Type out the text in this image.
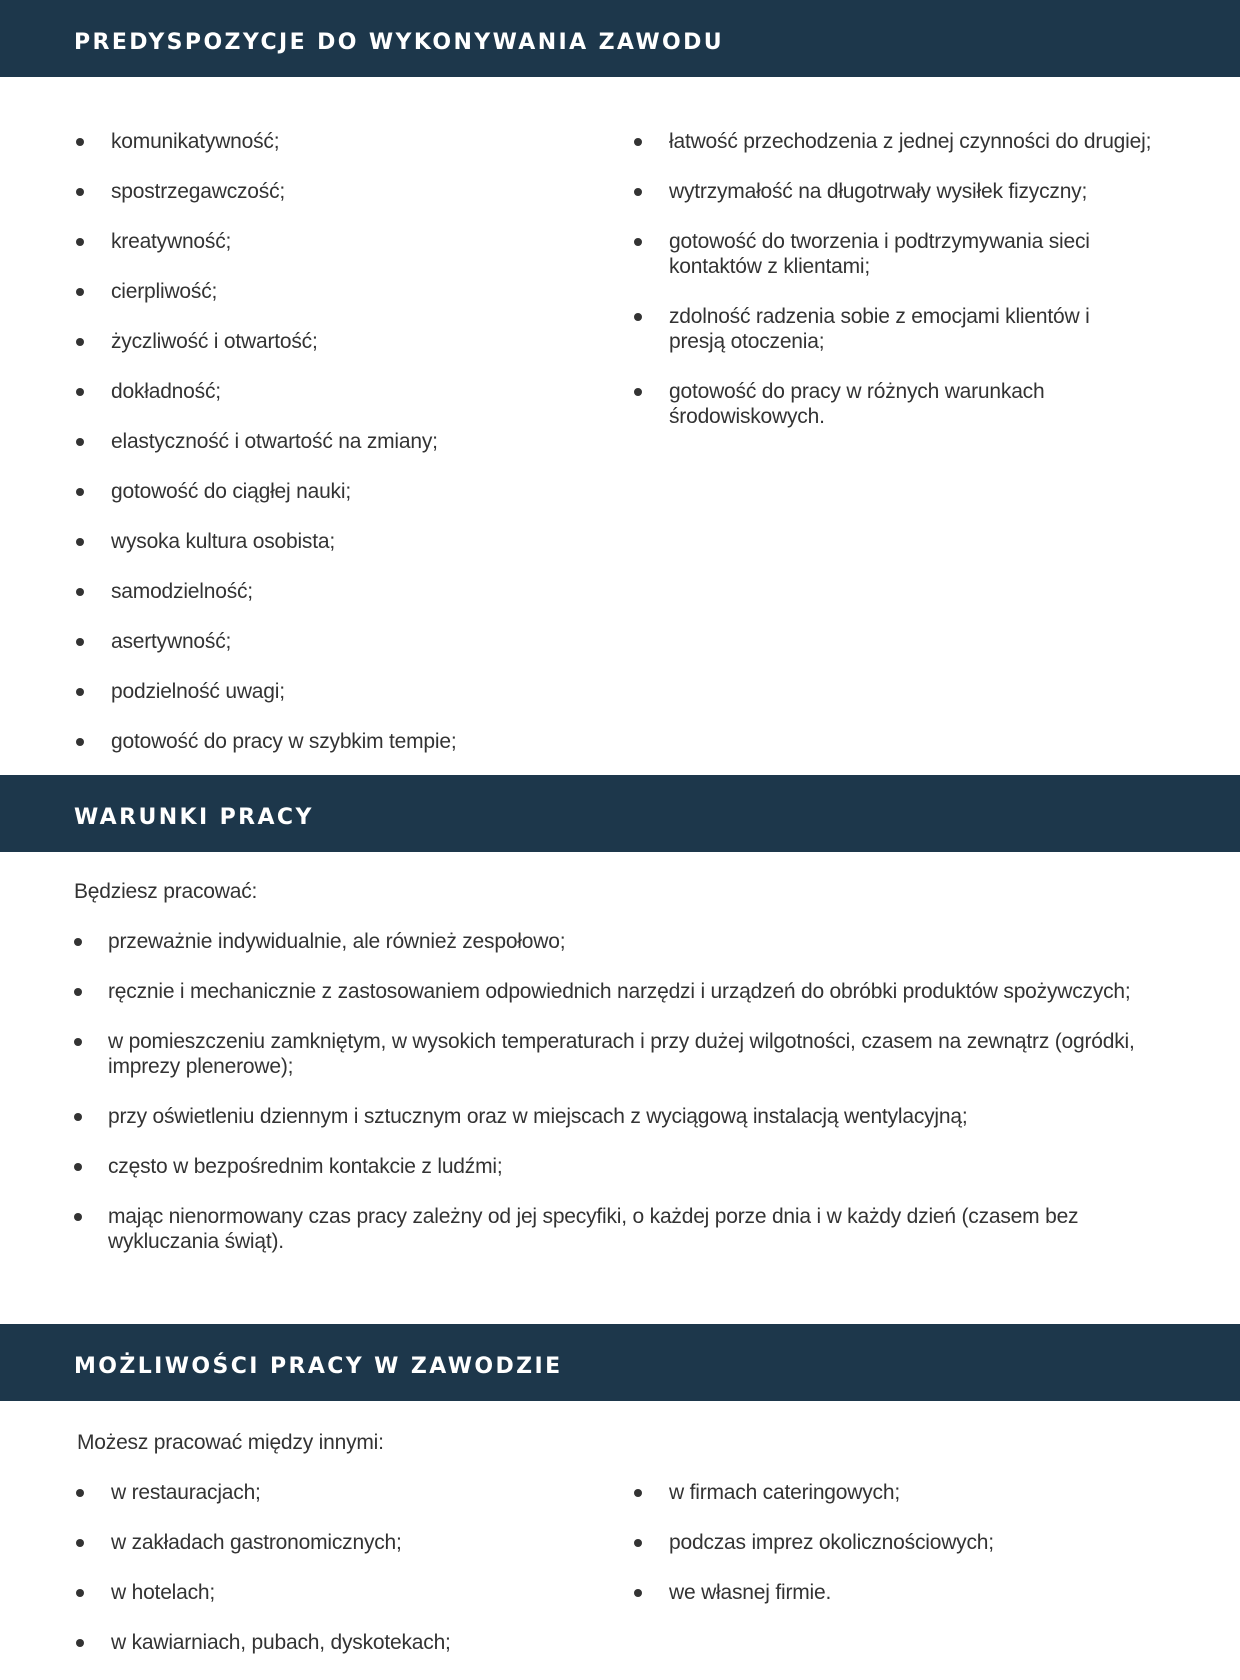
PREDYSPOZYCJE DO WYKONYWANIA ZAWODU
komunikatywność;
spostrzegawczość;
kreatywność;
cierpliwość;
życzliwość i otwartość;
dokładność;
elastyczność i otwartość na zmiany;
gotowość do ciągłej nauki;
wysoka kultura osobista;
samodzielność;
asertywność;
podzielność uwagi;
gotowość do pracy w szybkim tempie;
łatwość przechodzenia z jednej czynności do drugiej;
wytrzymałość na długotrwały wysiłek fizyczny;
gotowość do tworzenia i podtrzymywania sieci kontaktów z klientami;
zdolność radzenia sobie z emocjami klientów i presją otoczenia;
gotowość do pracy w różnych warunkach środowiskowych.
WARUNKI PRACY

Będziesz pracować:

przeważnie indywidualnie, ale również zespołowo;
ręcznie i mechanicznie z zastosowaniem odpowiednich narzędzi i urządzeń do obróbki produktów spożywczych;
w pomieszczeniu zamkniętym, w wysokich temperaturach i przy dużej wilgotności, czasem na zewnątrz (ogródki, imprezy plenerowe);
przy oświetleniu dziennym i sztucznym oraz w miejscach z wyciągową instalacją wentylacyjną;
często w bezpośrednim kontakcie z ludźmi;
mając nienormowany czas pracy zależny od jej specyfiki, o każdej porze dnia i w każdy dzień (czasem bez wykluczania świąt).
MOŻLIWOŚCI PRACY W ZAWODZIE

Możesz pracować między innymi:

w restauracjach;
w zakładach gastronomicznych;
w hotelach;
w kawiarniach, pubach, dyskotekach;
w firmach cateringowych;
podczas imprez okolicznościowych;
we własnej firmie.
